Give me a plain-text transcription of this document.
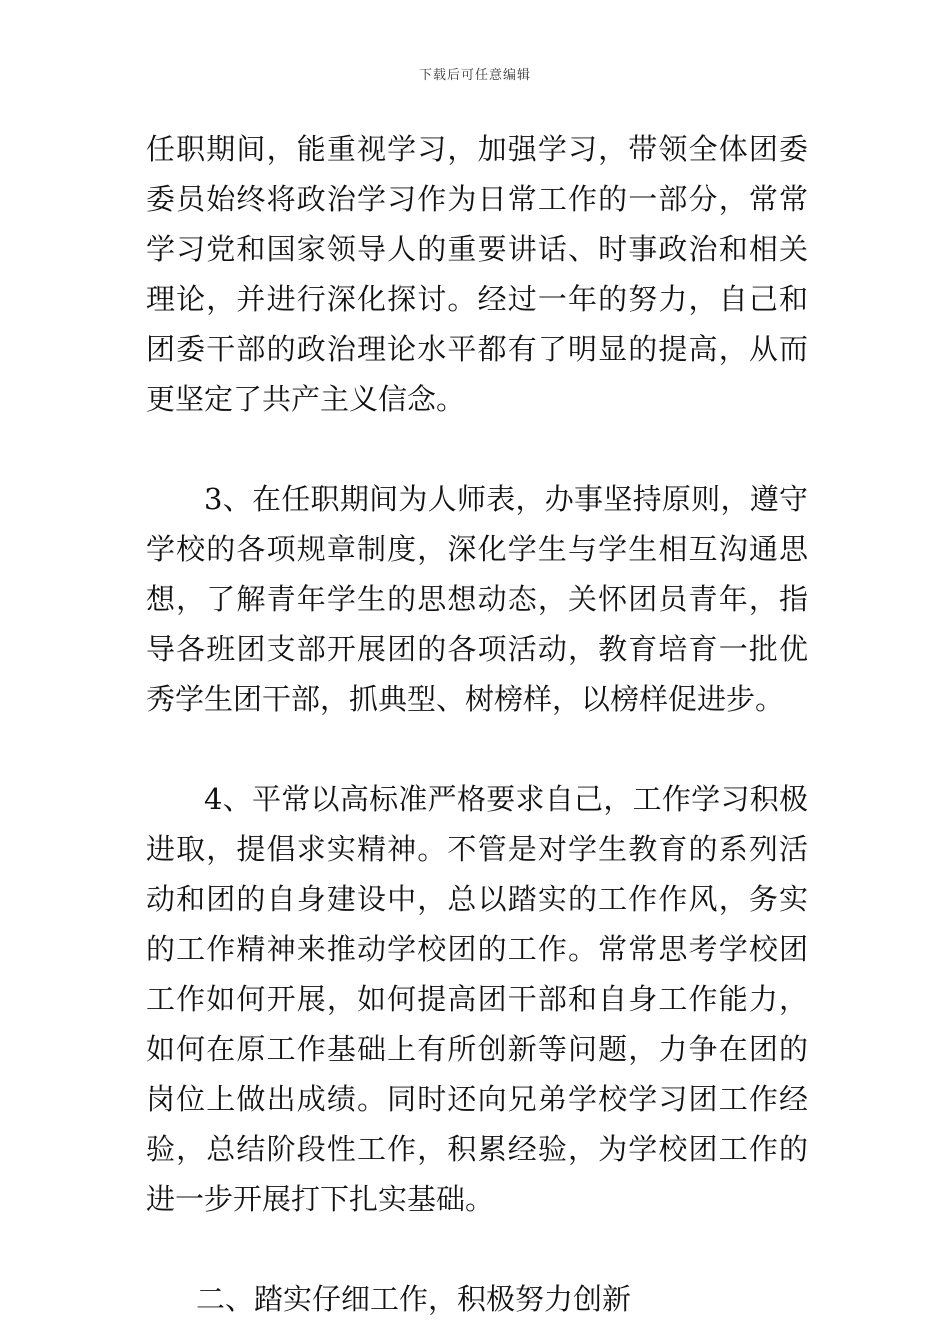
下载后可任意编辑

任职期间，能重视学习，加强学习，带领全体团委委员始终将政治学习作为日常工作的一部分，常常学习党和国家领导人的重要讲话、时事政治和相关理论，并进行深化探讨。经过一年的努力，自己和团委干部的政治理论水平都有了明显的提高，从而更坚定了共产主义信念。

3、在任职期间为人师表，办事坚持原则，遵守学校的各项规章制度，深化学生与学生相互沟通思想，了解青年学生的思想动态，关怀团员青年，指导各班团支部开展团的各项活动，教育培育一批优秀学生团干部，抓典型、树榜样，以榜样促进步。

4、平常以高标准严格要求自己，工作学习积极进取，提倡求实精神。不管是对学生教育的系列活动和团的自身建设中，总以踏实的工作作风，务实的工作精神来推动学校团的工作。常常思考学校团工作如何开展，如何提高团干部和自身工作能力，如何在原工作基础上有所创新等问题，力争在团的岗位上做出成绩。同时还向兄弟学校学习团工作经验，总结阶段性工作，积累经验，为学校团工作的进一步开展打下扎实基础。

二、踏实仔细工作，积极努力创新
